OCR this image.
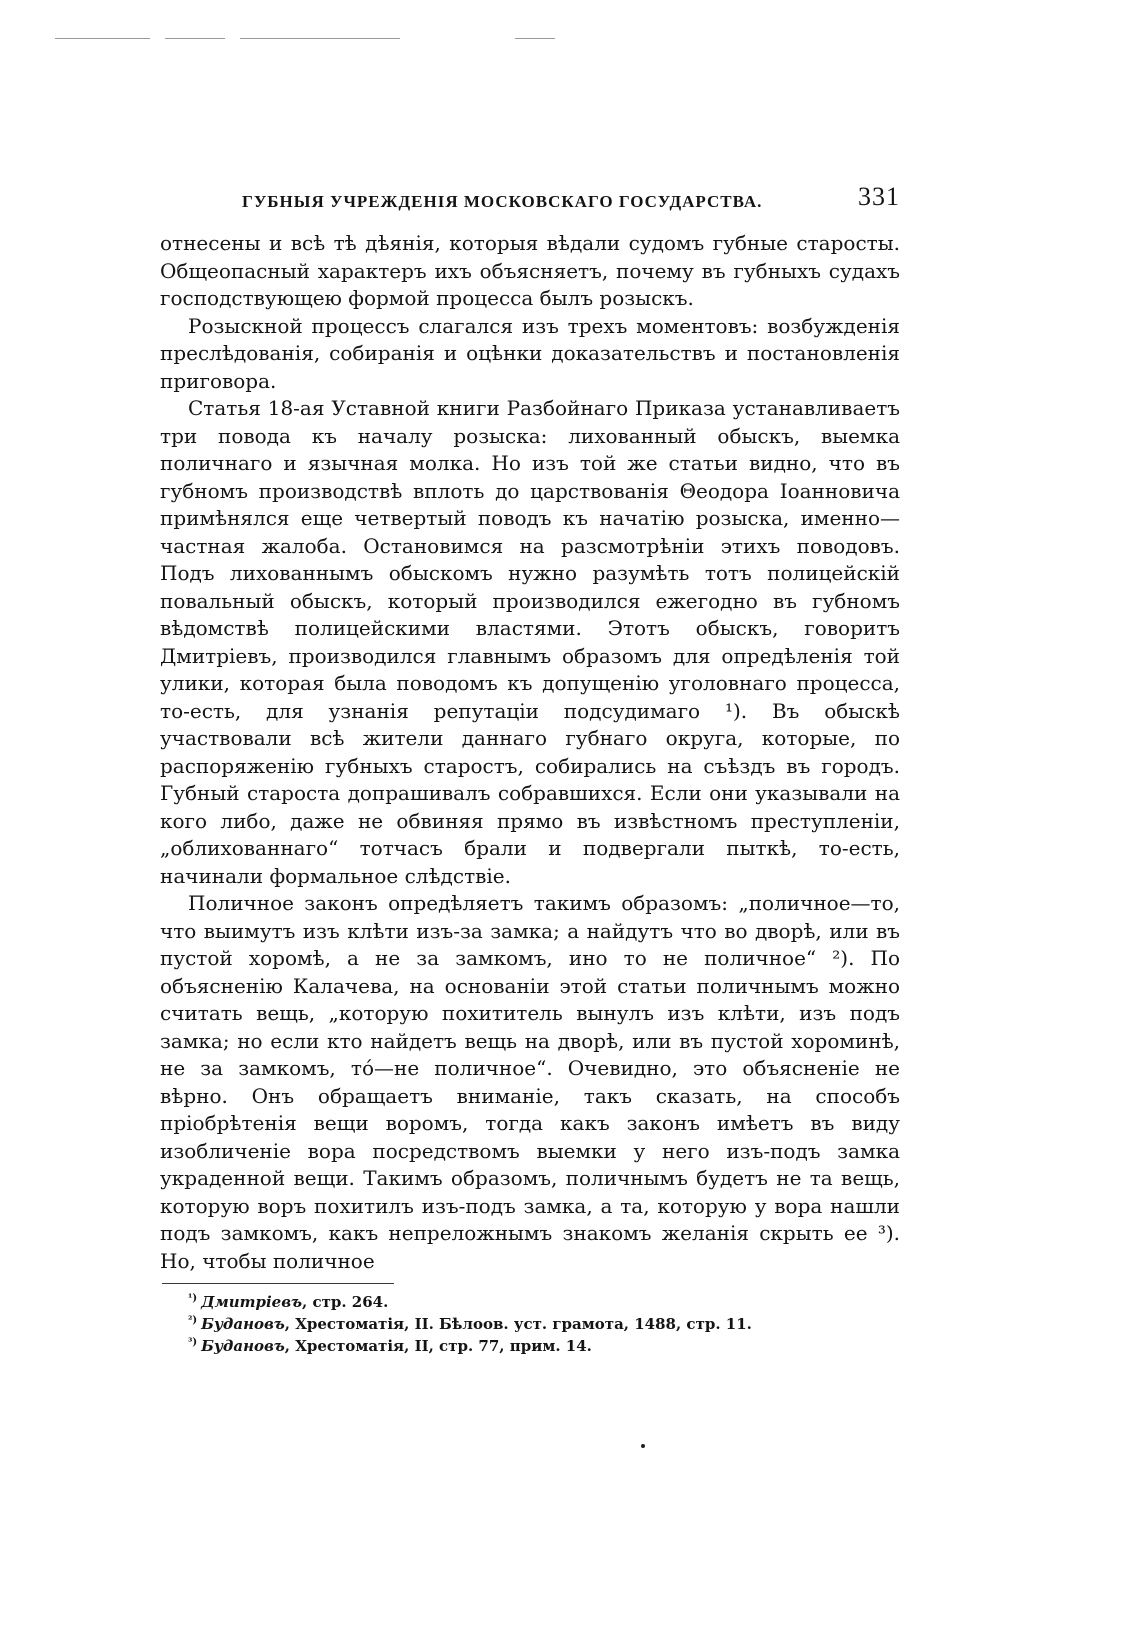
ГУБНЫЯ УЧРЕЖДЕНІЯ МОСКОВСКАГО ГОСУДАРСТВА.	331

отнесены и всѣ тѣ дѣянія, которыя вѣдали судомъ губные старосты. Общеопасный характеръ ихъ объясняетъ, почему въ губныхъ судахъ господствующею формой процесса былъ розыскъ.

Розыскной процессъ слагался изъ трехъ моментовъ: возбужденія преслѣдованія, собиранія и оцѣнки доказательствъ и постановленія приговора.

Статья 18-ая Уставной книги Разбойнаго Приказа устанавливаетъ три повода къ началу розыска: лихованный обыскъ, выемка поличнаго и язычная молка. Но изъ той же статьи видно, что въ губномъ производствѣ вплоть до царствованія Θеодора Іоанновича примѣнялся еще четвертый поводъ къ начатію розыска, именно—частная жалоба. Остановимся на разсмотрѣніи этихъ поводовъ. Подъ лихованнымъ обыскомъ нужно разумѣть тотъ полицейскій повальный обыскъ, который производился ежегодно въ губномъ вѣдомствѣ полицейскими властями. Этотъ обыскъ, говоритъ Дмитріевъ, производился главнымъ образомъ для опредѣленія той улики, которая была поводомъ къ допущенію уголовнаго процесса, то-есть, для узнанія репутаціи подсудимаго ¹). Въ обыскѣ участвовали всѣ жители даннаго губнаго округа, которые, по распоряженію губныхъ старостъ, собирались на съѣздъ въ городъ. Губный староста допрашивалъ собравшихся. Если они указывали на кого либо, даже не обвиняя прямо въ извѣстномъ преступленіи, „облихованнаго“ тотчасъ брали и подвергали пыткѣ, то-есть, начинали формальное слѣдствіе.

Поличное законъ опредѣляетъ такимъ образомъ: „поличное—то, что выимутъ изъ клѣти изъ-за замка; а найдутъ что во дворѣ, или въ пустой хоромѣ, а не за замкомъ, ино то не поличное“ ²). По объясненію Калачева, на основаніи этой статьи поличнымъ можно считать вещь, „которую похититель вынулъ изъ клѣти, изъ подъ замка; но если кто найдетъ вещь на дворѣ, или въ пустой хороминѣ, не за замкомъ, тó—не поличное“. Очевидно, это объясненіе не вѣрно. Онъ обращаетъ вниманіе, такъ сказать, на способъ пріобрѣтенія вещи воромъ, тогда какъ законъ имѣетъ въ виду изобличеніе вора посредствомъ выемки у него изъ-подъ замка украденной вещи. Такимъ образомъ, поличнымъ будетъ не та вещь, которую воръ похитилъ изъ-подъ замка, а та, которую у вора нашли подъ замкомъ, какъ непреложнымъ знакомъ желанія скрыть ее ³). Но, чтобы поличное

$^{^1)}$ Дмитріевъ, стр. 264.
$^{^2)}$ Будановъ, Хрестоматія, II. Бѣлоов. уст. грамота, 1488, стр. 11.
$^{^3)}$ Будановъ, Хрестоматія, II, стр. 77, прим. 14.
